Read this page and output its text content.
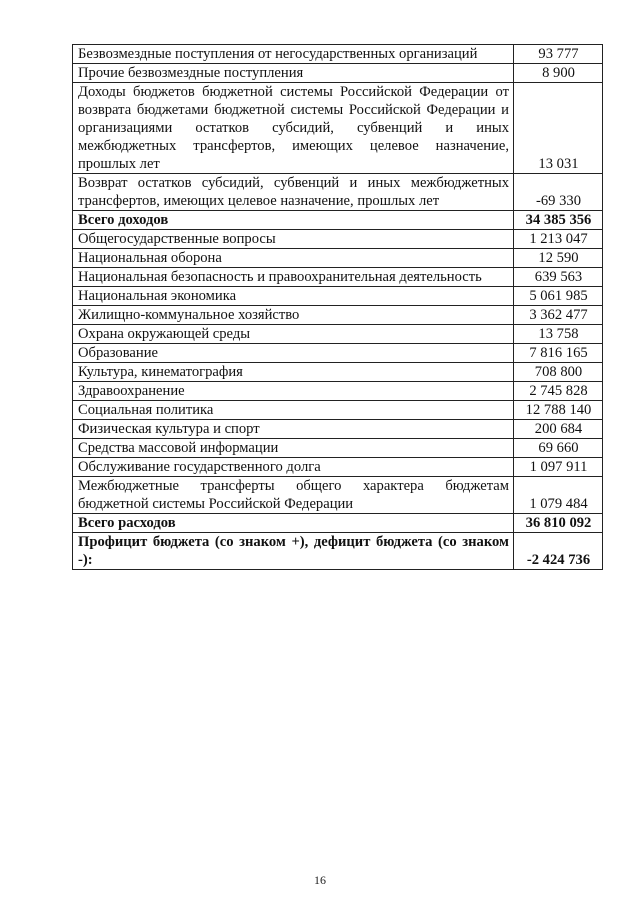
Безвозмездные поступления от негосударственных организаций	93 777
Прочие безвозмездные поступления	8 900
Доходы бюджетов бюджетной системы Российской Федерации от возврата бюджетами бюджетной системы Российской Федерации и организациями остатков субсидий, субвенций и иных межбюджетных трансфертов, имеющих целевое назначение, прошлых лет	13 031
Возврат остатков субсидий, субвенций и иных межбюджетных трансфертов, имеющих целевое назначение, прошлых лет	-69 330
Всего доходов	34 385 356
Общегосударственные вопросы	1 213 047
Национальная оборона	12 590
Национальная безопасность и правоохранительная деятельность	639 563
Национальная экономика	5 061 985
Жилищно-коммунальное хозяйство	3 362 477
Охрана окружающей среды	13 758
Образование	7 816 165
Культура, кинематография	708 800
Здравоохранение	2 745 828
Социальная политика	12 788 140
Физическая культура и спорт	200 684
Средства массовой информации	69 660
Обслуживание государственного долга	1 097 911
Межбюджетные трансферты общего характера бюджетам бюджетной системы Российской Федерации	1 079 484
Всего расходов	36 810 092
Профицит бюджета (со знаком +), дефицит бюджета (со знаком -):	-2 424 736
16
